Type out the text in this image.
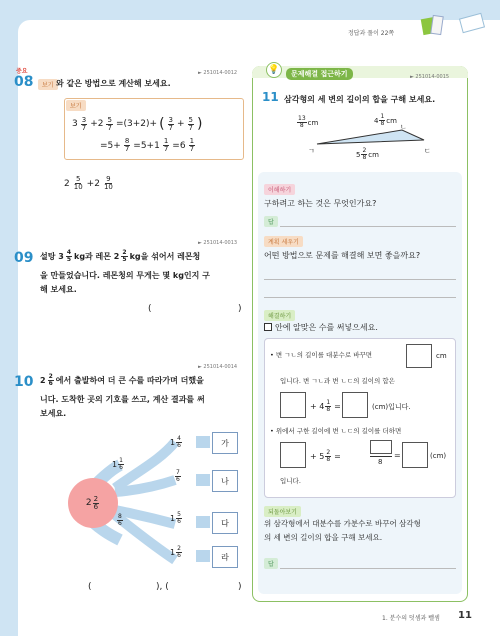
정답과 풀이 22쪽
중요
08	보기 와 같은 방법으로 계산해 보세요.
► 251014-0012
보기
$3 \frac{3}{7} +2 \frac{5}{7} =(3+2)+$ ( $\frac{3}{7} + \frac{5}{7}$ )
$=5+ \frac{8}{7} =5+1 \frac{1}{7} =6 \frac{1}{7}$
$2 \frac{5}{10} +2 \frac{9}{10}$
09
► 251014-0013
설탕 $3 \frac{4}{5}$ kg과 레몬 $2 \frac{2}{5}$ kg을 섞어서 레몬청
을 만들었습니다. 레몬청의 무게는 몇 kg인지 구
해 보세요.
(	)
10
► 251014-0014
$2 \frac{2}{6}$ 에서 출발하여 더 큰 수를 따라가며 더했을
니다. 도착한 곳의 기호를 쓰고, 계산 결과를 써
보세요.
$2 \frac{2}{6}$
$1 \frac{1}{6}$
$\frac{8}{6}$
$1 \frac{4}{6}$
$\frac{7}{6}$
$1 \frac{5}{6}$
$1 \frac{2}{6}$
가
나
다
라
(	), (	)
💡	문제해결 접근하기	► 251014-0015
11 삼각형의 세 변의 길이의 합을 구해 보세요.
ㄱ
ㄴ
ㄷ
$\frac{13}{8}$ cm	$4 \frac{1}{8}$ cm
$5 \frac{2}{8}$ cm
이해하기
구하려고 하는 것은 무엇인가요?
답
계획 세우기
어떤 방법으로 문제를 해결해 보면 좋을까요?
해결하기
안에 알맞은 수를 써넣으세요.
• 변 ㄱㄴ의 길이를 대분수로 바꾸면	cm
입니다. 변 ㄱㄴ과 변 ㄴㄷ의 길이의 합은
+ $4 \frac{1}{8}$ =	(cm)입니다.
• 위에서 구한 길이에 변 ㄴㄷ의 길이를 더하면
+ $5 \frac{2}{8}$ =
8
=	(cm)
입니다.
되돌아보기
위 삼각형에서 대분수를 가분수로 바꾸어 삼각형
의 세 변의 길이의 합을 구해 보세요.
답
1. 분수의 덧셈과 뺄셈 11
